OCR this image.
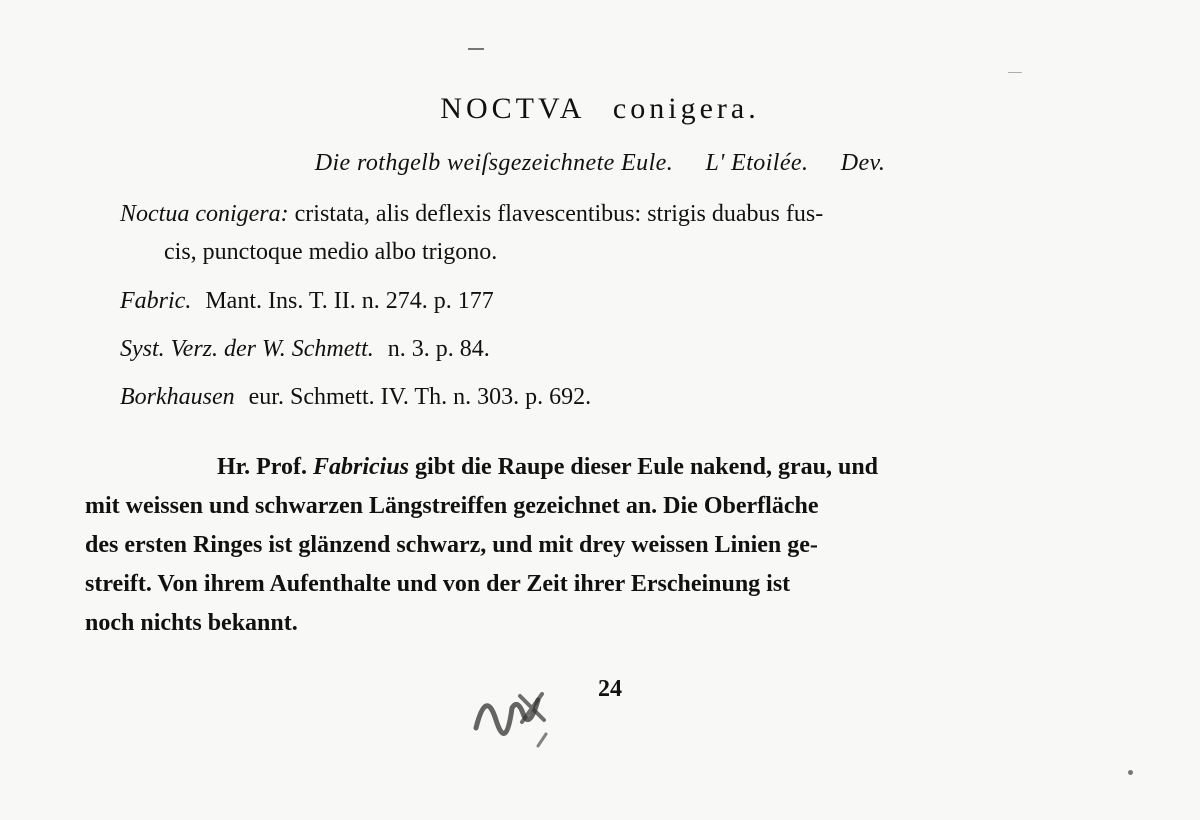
NOCTVA conigera.
Die rothgelb weiſsgezeichnete Eule. L' Etoilée. Dev.
Noctua conigera: cristata, alis deflexis flavescentibus: strigis duabus fus-
cis, punctoque medio albo trigono.
Fabric. Mant. Ins. T. II. n. 274. p. 177
Syst. Verz. der W. Schmett. n. 3. p. 84.
Borkhausen eur. Schmett. IV. Th. n. 303. p. 692.
Hr. Prof. Fabricius gibt die Raupe dieser Eule nakend, grau, und
mit weissen und schwarzen Längstreiffen gezeichnet an. Die Oberfläche
des ersten Ringes ist glänzend schwarz, und mit drey weissen Linien ge-
streift. Von ihrem Aufenthalte und von der Zeit ihrer Erscheinung ist
noch nichts bekannt.
24
